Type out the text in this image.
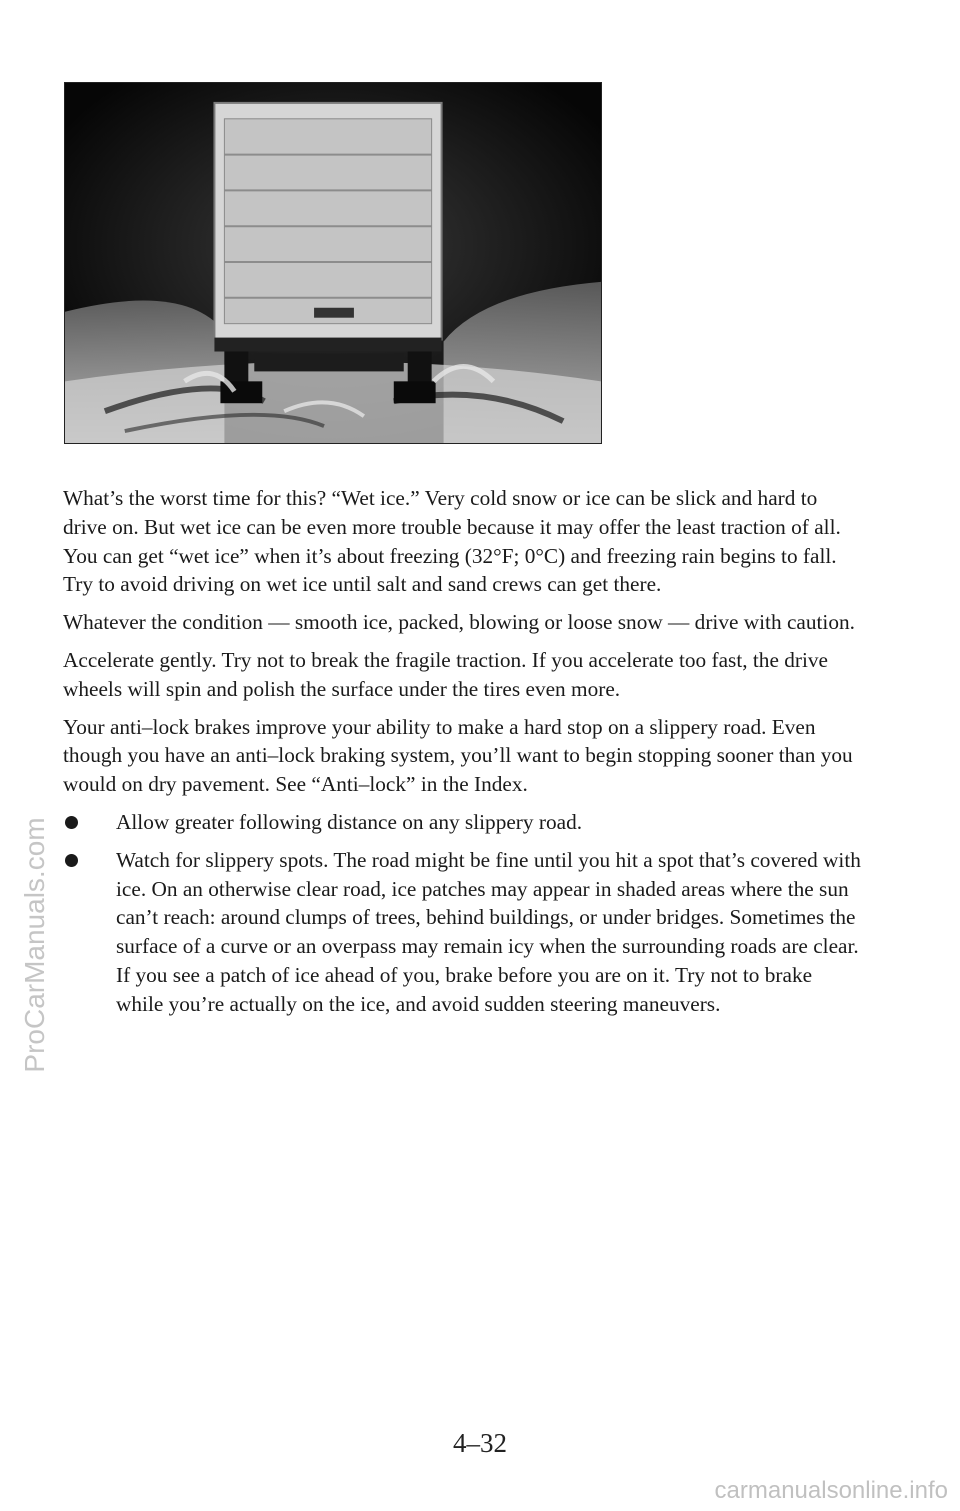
What’s the worst time for this? “Wet ice.” Very cold snow or ice can be slick and hard to drive on. But wet ice can be even more trouble because it may offer the least traction of all. You can get “wet ice” when it’s about freezing (32°F; 0°C) and freezing rain begins to fall. Try to avoid driving on wet ice until salt and sand crews can get there.

Whatever the condition — smooth ice, packed, blowing or loose snow — drive with caution.

Accelerate gently. Try not to break the fragile traction. If you accelerate too fast, the drive wheels will spin and polish the surface under the tires even more.

Your anti–lock brakes improve your ability to make a hard stop on a slippery road. Even though you have an anti–lock braking system, you’ll want to begin stopping sooner than you would on dry pavement. See “Anti–lock” in the Index.

Allow greater following distance on any slippery road.
Watch for slippery spots. The road might be fine until you hit a spot that’s covered with ice. On an otherwise clear road, ice patches may appear in shaded areas where the sun can’t reach: around clumps of trees, behind buildings, or under bridges. Sometimes the surface of a curve or an overpass may remain icy when the surrounding roads are clear. If you see a patch of ice ahead of you, brake before you are on it. Try not to brake while you’re actually on the ice, and avoid sudden steering maneuvers.
ProCarManuals.com
4–32
carmanualsonline.info
